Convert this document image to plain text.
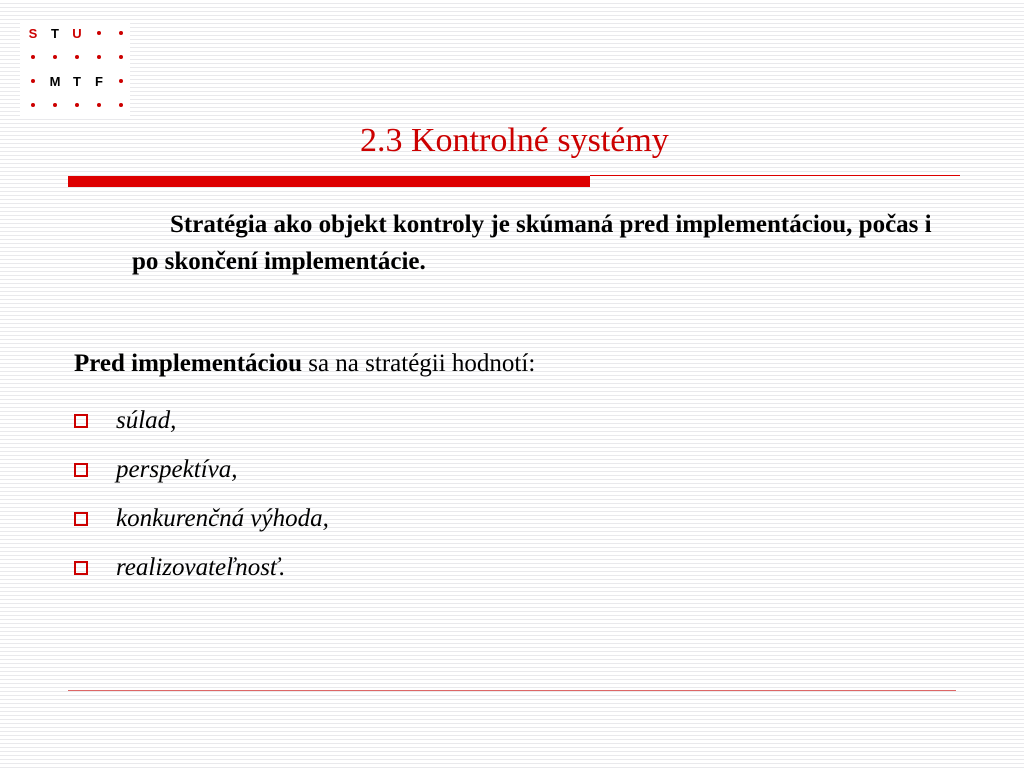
S	T	U
M T	F
2.3 Kontrolné systémy

Stratégia ako objekt kontroly je skúmaná pred implementáciou, počas i po skončení implementácie.

Pred implementáciou sa na stratégii hodnotí:

súlad,
perspektíva,
konkurenčná výhoda,
realizovateľnosť.
